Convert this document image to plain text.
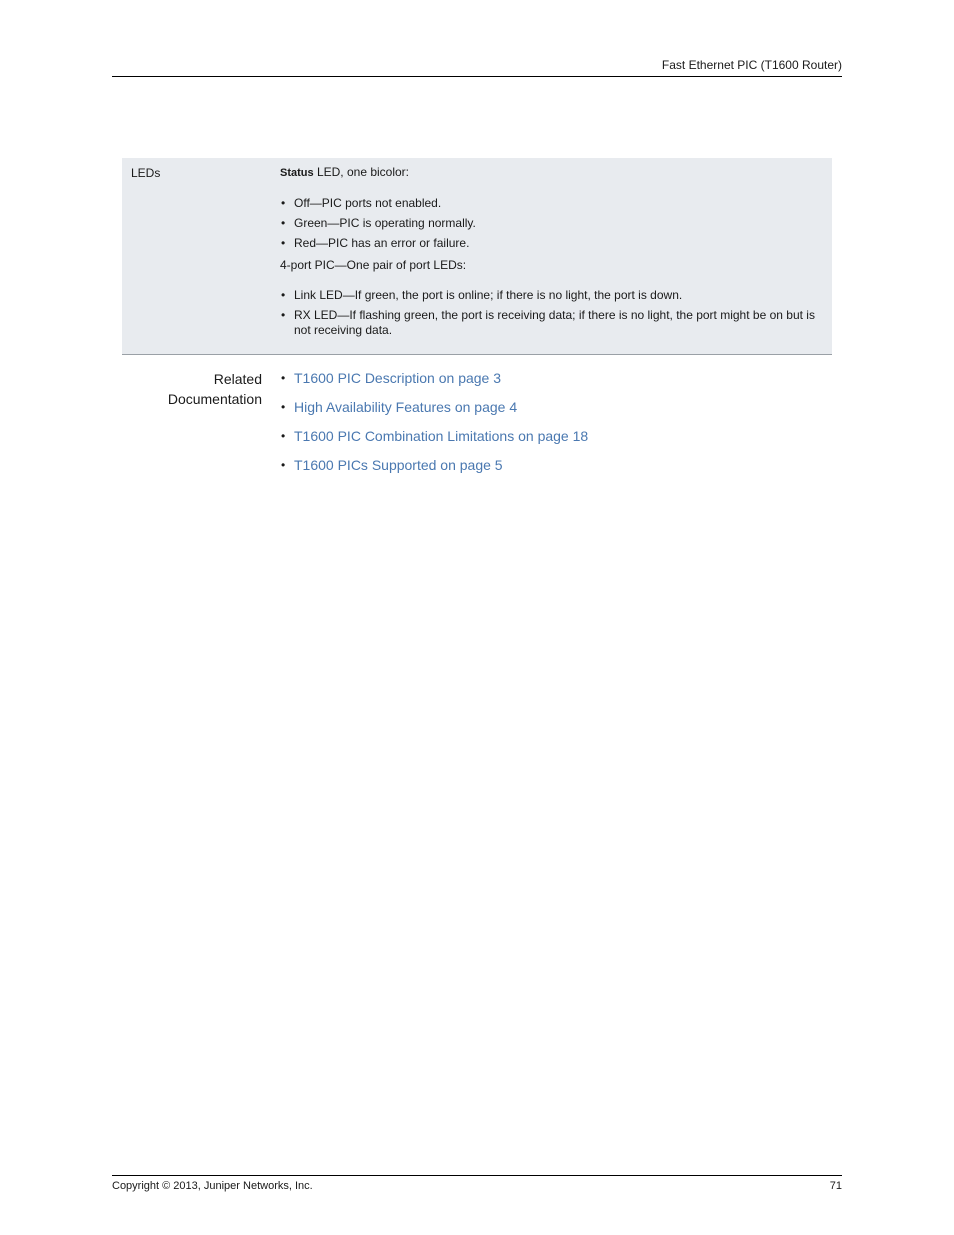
Fast Ethernet PIC (T1600 Router)
LEDs	Status LED, one bicolor:

• Off—PIC ports not enabled.
• Green—PIC is operating normally.
• Red—PIC has an error or failure.

4-port PIC—One pair of port LEDs:

• Link LED—If green, the port is online; if there is no light, the port is down.
• RX LED—If flashing green, the port is receiving data; if there is no light, the port might be on but is not receiving data.
Related
Documentation
• T1600 PIC Description on page 3
• High Availability Features on page 4
• T1600 PIC Combination Limitations on page 18
• T1600 PICs Supported on page 5
Copyright © 2013, Juniper Networks, Inc.	71
